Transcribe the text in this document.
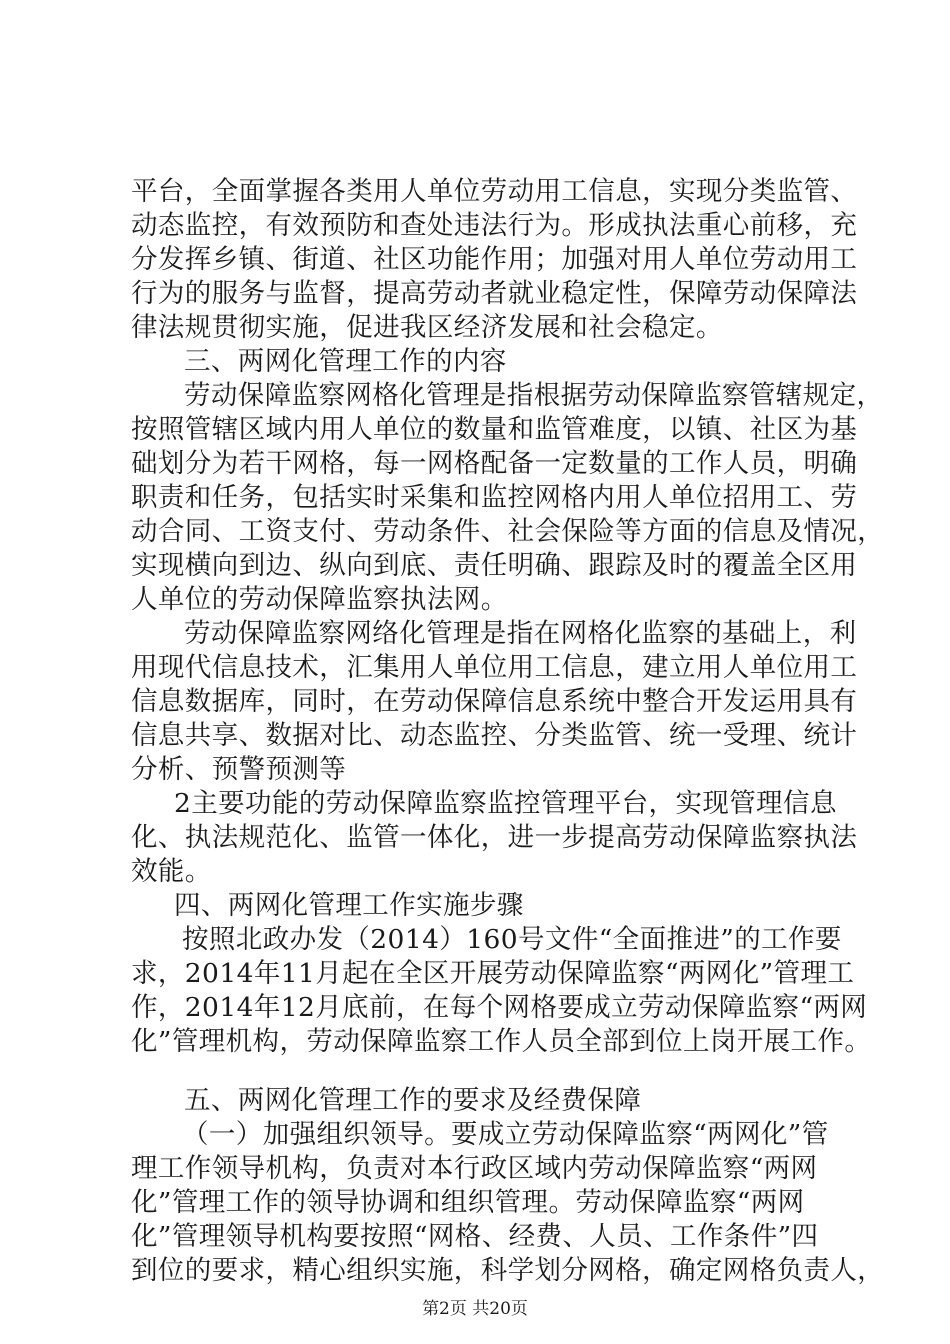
平台，全面掌握各类用人单位劳动用工信息，实现分类监管、
动态监控，有效预防和查处违法行为。形成执法重心前移，充
分发挥乡镇、街道、社区功能作用；加强对用人单位劳动用工
行为的服务与监督，提高劳动者就业稳定性，保障劳动保障法
律法规贯彻实施，促进我区经济发展和社会稳定。
三、两网化管理工作的内容
劳动保障监察网格化管理是指根据劳动保障监察管辖规定，
按照管辖区域内用人单位的数量和监管难度，以镇、社区为基
础划分为若干网格，每一网格配备一定数量的工作人员，明确
职责和任务，包括实时采集和监控网格内用人单位招用工、劳
动合同、工资支付、劳动条件、社会保险等方面的信息及情况，
实现横向到边、纵向到底、责任明确、跟踪及时的覆盖全区用
人单位的劳动保障监察执法网。
劳动保障监察网络化管理是指在网格化监察的基础上，利
用现代信息技术，汇集用人单位用工信息，建立用人单位用工
信息数据库，同时，在劳动保障信息系统中整合开发运用具有
信息共享、数据对比、动态监控、分类监管、统一受理、统计
分析、预警预测等
2主要功能的劳动保障监察监控管理平台，实现管理信息
化、执法规范化、监管一体化，进一步提高劳动保障监察执法
效能。
四、两网化管理工作实施步骤
按照北政办发（2014）160号文件“全面推进”的工作要
求，2014年11月起在全区开展劳动保障监察“两网化”管理工
作，2014年12月底前，在每个网格要成立劳动保障监察“两网
化”管理机构，劳动保障监察工作人员全部到位上岗开展工作。
五、两网化管理工作的要求及经费保障
（一）加强组织领导。要成立劳动保障监察“两网化”管
理工作领导机构，负责对本行政区域内劳动保障监察“两网
化”管理工作的领导协调和组织管理。劳动保障监察“两网
化”管理领导机构要按照“网格、经费、人员、工作条件”四
到位的要求，精心组织实施，科学划分网格，确定网格负责人，
第2页 共20页
